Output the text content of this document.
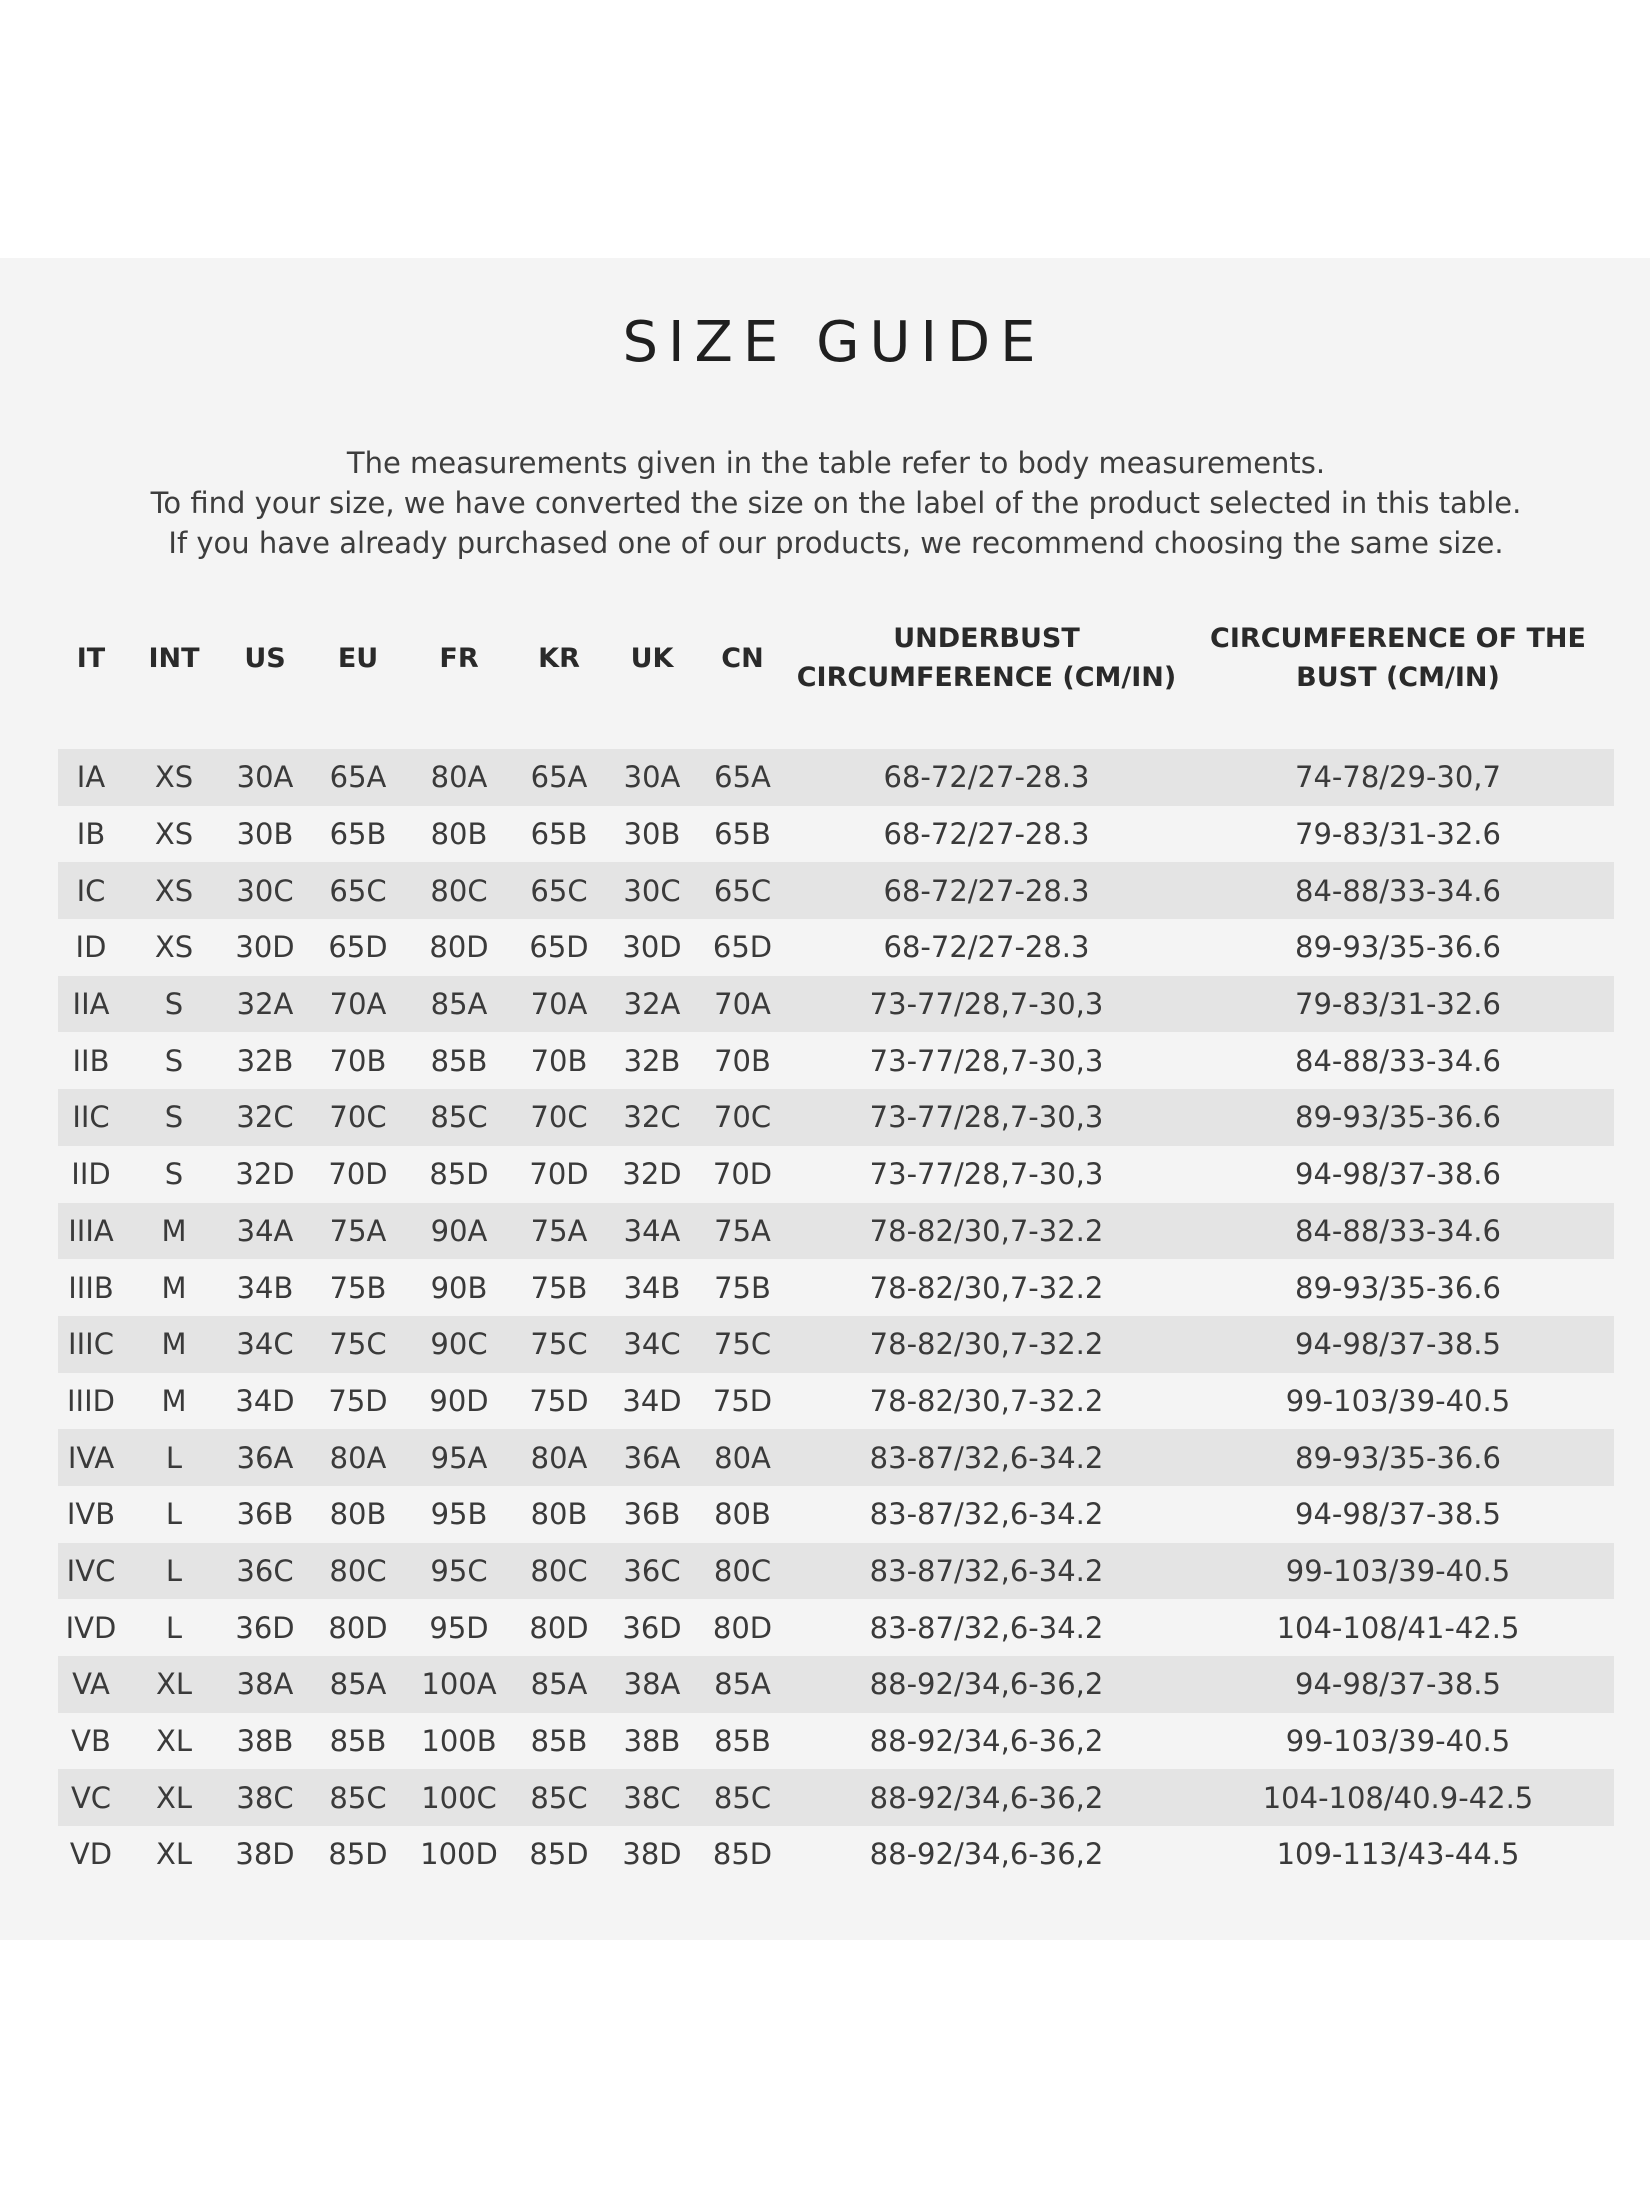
SIZE GUIDE
The measurements given in the table refer to body measurements.
To find your size, we have converted the size on the label of the product selected in this table.
If you have already purchased one of our products, we recommend choosing the same size.
IT	INT	US	EU	FR	KR	UK	CN	UNDERBUST CIRCUMFERENCE (CM/IN)	CIRCUMFERENCE OF THE BUST (CM/IN)

IA	XS	30A	65A	80A	65A	30A	65A	68-72/27-28.3	74-78/29-30,7
IB	XS	30B	65B	80B	65B	30B	65B	68-72/27-28.3	79-83/31-32.6
IC	XS	30C	65C	80C	65C	30C	65C	68-72/27-28.3	84-88/33-34.6
ID	XS	30D	65D	80D	65D	30D	65D	68-72/27-28.3	89-93/35-36.6
IIA	S	32A	70A	85A	70A	32A	70A	73-77/28,7-30,3	79-83/31-32.6
IIB	S	32B	70B	85B	70B	32B	70B	73-77/28,7-30,3	84-88/33-34.6
IIC	S	32C	70C	85C	70C	32C	70C	73-77/28,7-30,3	89-93/35-36.6
IID	S	32D	70D	85D	70D	32D	70D	73-77/28,7-30,3	94-98/37-38.6
IIIA	M	34A	75A	90A	75A	34A	75A	78-82/30,7-32.2	84-88/33-34.6
IIIB	M	34B	75B	90B	75B	34B	75B	78-82/30,7-32.2	89-93/35-36.6
IIIC	M	34C	75C	90C	75C	34C	75C	78-82/30,7-32.2	94-98/37-38.5
IIID	M	34D	75D	90D	75D	34D	75D	78-82/30,7-32.2	99-103/39-40.5
IVA	L	36A	80A	95A	80A	36A	80A	83-87/32,6-34.2	89-93/35-36.6
IVB	L	36B	80B	95B	80B	36B	80B	83-87/32,6-34.2	94-98/37-38.5
IVC	L	36C	80C	95C	80C	36C	80C	83-87/32,6-34.2	99-103/39-40.5
IVD	L	36D	80D	95D	80D	36D	80D	83-87/32,6-34.2	104-108/41-42.5
VA	XL	38A	85A	100A	85A	38A	85A	88-92/34,6-36,2	94-98/37-38.5
VB	XL	38B	85B	100B	85B	38B	85B	88-92/34,6-36,2	99-103/39-40.5
VC	XL	38C	85C	100C	85C	38C	85C	88-92/34,6-36,2	104-108/40.9-42.5
VD	XL	38D	85D	100D	85D	38D	85D	88-92/34,6-36,2	109-113/43-44.5
